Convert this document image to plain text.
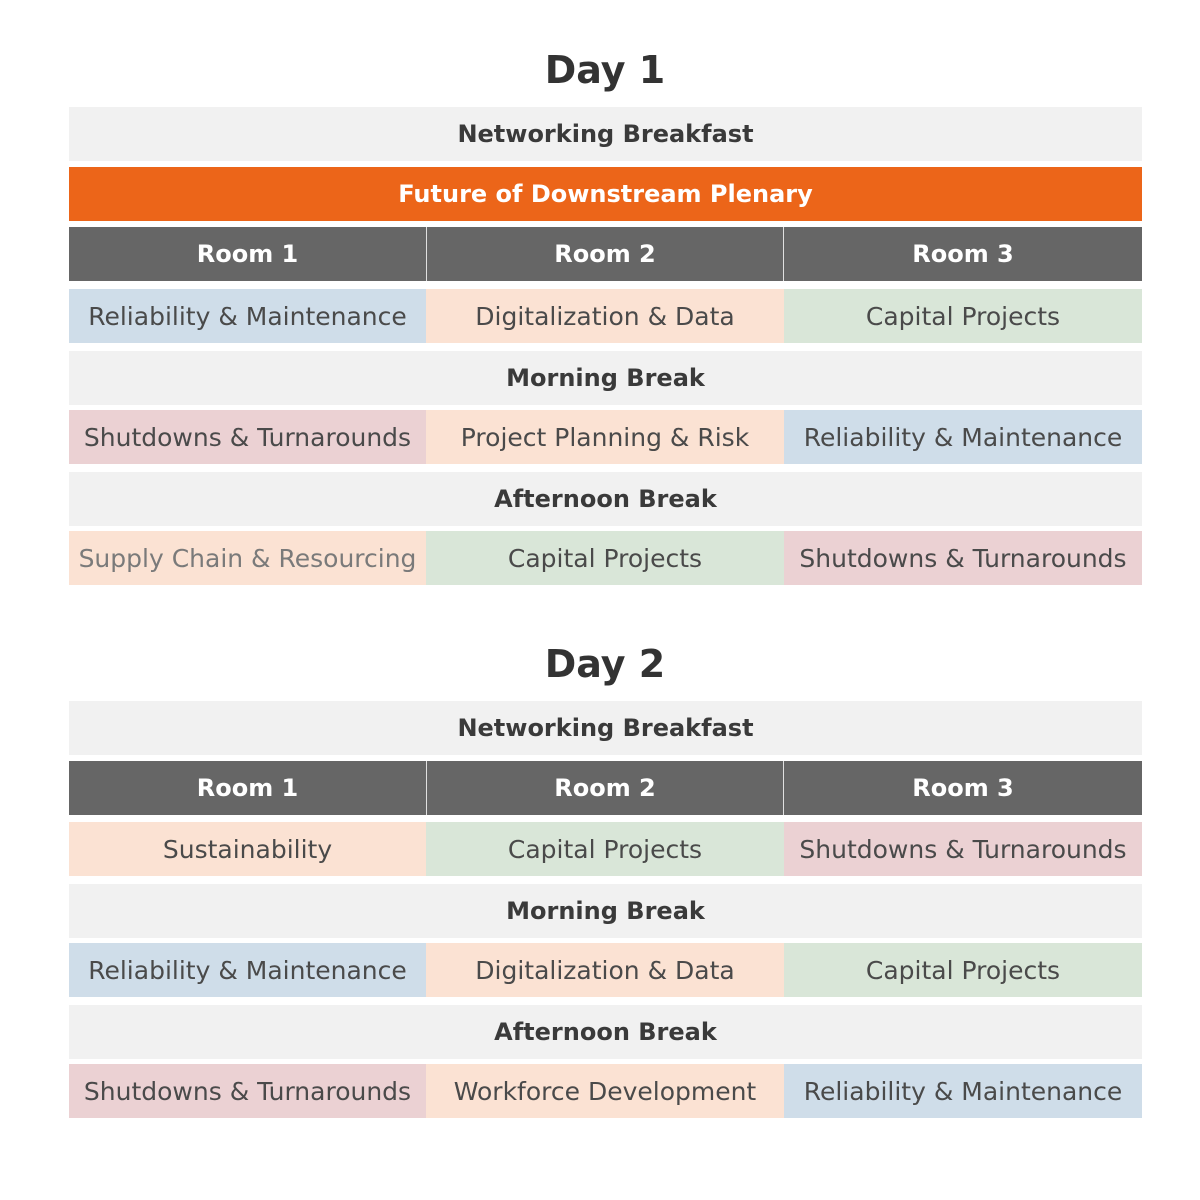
Day 1
Networking Breakfast
Future of Downstream Plenary
Room 1	Room 2	Room 3
Reliability & Maintenance	Digitalization & Data	Capital Projects
Morning Break
Shutdowns & Turnarounds	Project Planning & Risk	Reliability & Maintenance
Afternoon Break
Supply Chain & Resourcing	Capital Projects	Shutdowns & Turnarounds
Day 2
Networking Breakfast
Room 1	Room 2	Room 3
Sustainability	Capital Projects	Shutdowns & Turnarounds
Morning Break
Reliability & Maintenance	Digitalization & Data	Capital Projects
Afternoon Break
Shutdowns & Turnarounds	Workforce Development	Reliability & Maintenance
